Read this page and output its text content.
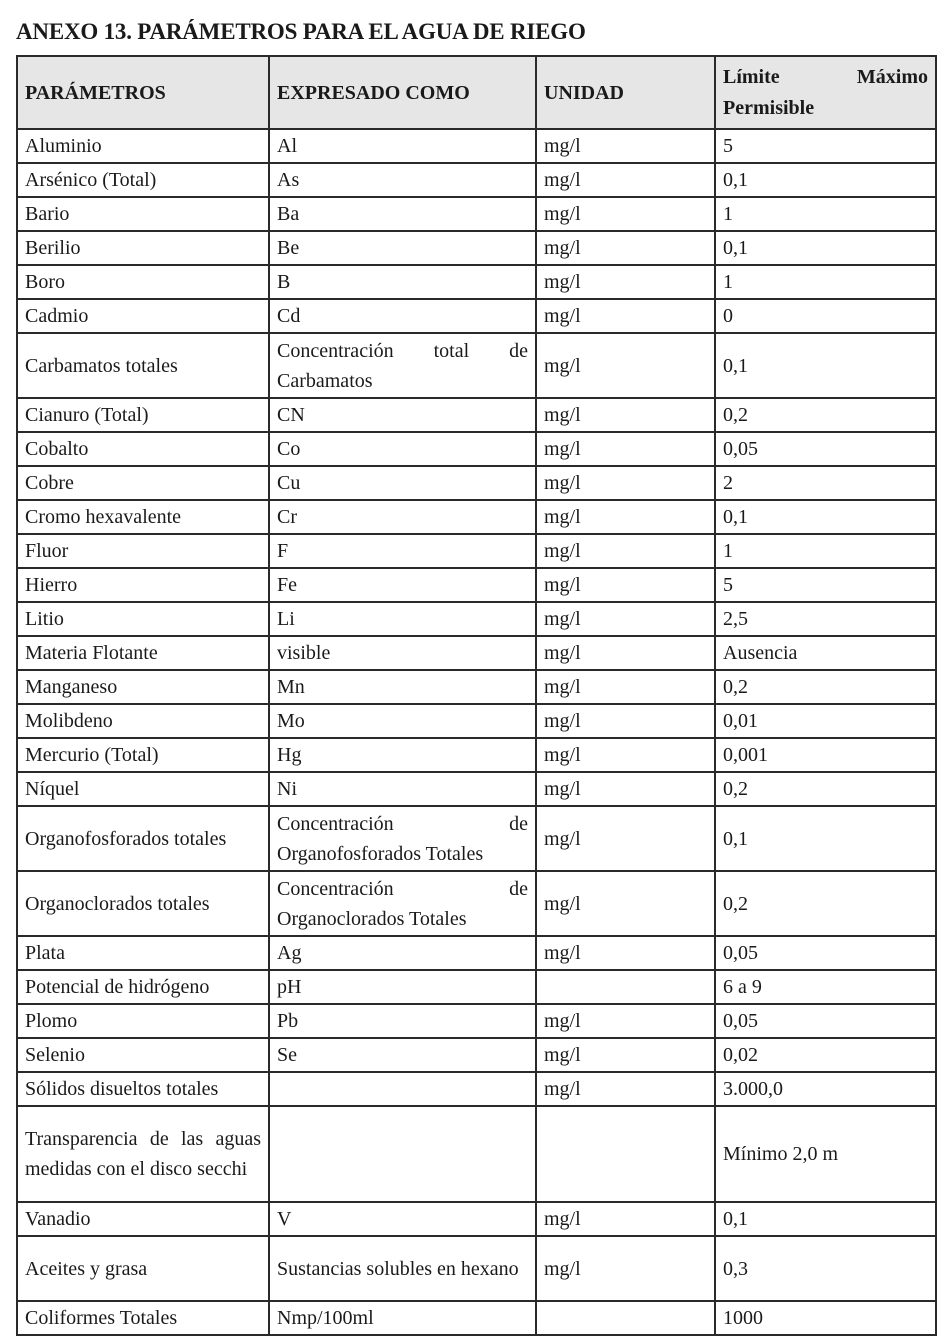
ANEXO 13. PARÁMETROS PARA EL AGUA DE RIEGO
PARÁMETROS	EXPRESADO COMO	UNIDAD	Límite Máximo
Permisible

Aluminio	Al	mg/l	5
Arsénico (Total)	As	mg/l	0,1
Bario	Ba	mg/l	1
Berilio	Be	mg/l	0,1
Boro	B	mg/l	1
Cadmio	Cd	mg/l	0
Carbamatos totales	Concentración total de Carbamatos	mg/l	0,1
Cianuro (Total)	CN	mg/l	0,2
Cobalto	Co	mg/l	0,05
Cobre	Cu	mg/l	2
Cromo hexavalente	Cr	mg/l	0,1
Fluor	F	mg/l	1
Hierro	Fe	mg/l	5
Litio	Li	mg/l	2,5
Materia Flotante	visible	mg/l	Ausencia
Manganeso	Mn	mg/l	0,2
Molibdeno	Mo	mg/l	0,01
Mercurio (Total)	Hg	mg/l	0,001
Níquel	Ni	mg/l	0,2
Organofosforados totales	Concentración de Organofosforados Totales	mg/l	0,1
Organoclorados totales	Concentración de Organoclorados Totales	mg/l	0,2
Plata	Ag	mg/l	0,05
Potencial de hidrógeno	pH		6 a 9
Plomo	Pb	mg/l	0,05
Selenio	Se	mg/l	0,02
Sólidos disueltos totales		mg/l	3.000,0
Transparencia de las aguas medidas con el disco secchi			Mínimo 2,0 m
Vanadio	V	mg/l	0,1
Aceites y grasa	Sustancias solubles en hexano	mg/l	0,3
Coliformes Totales	Nmp/100ml		1000
